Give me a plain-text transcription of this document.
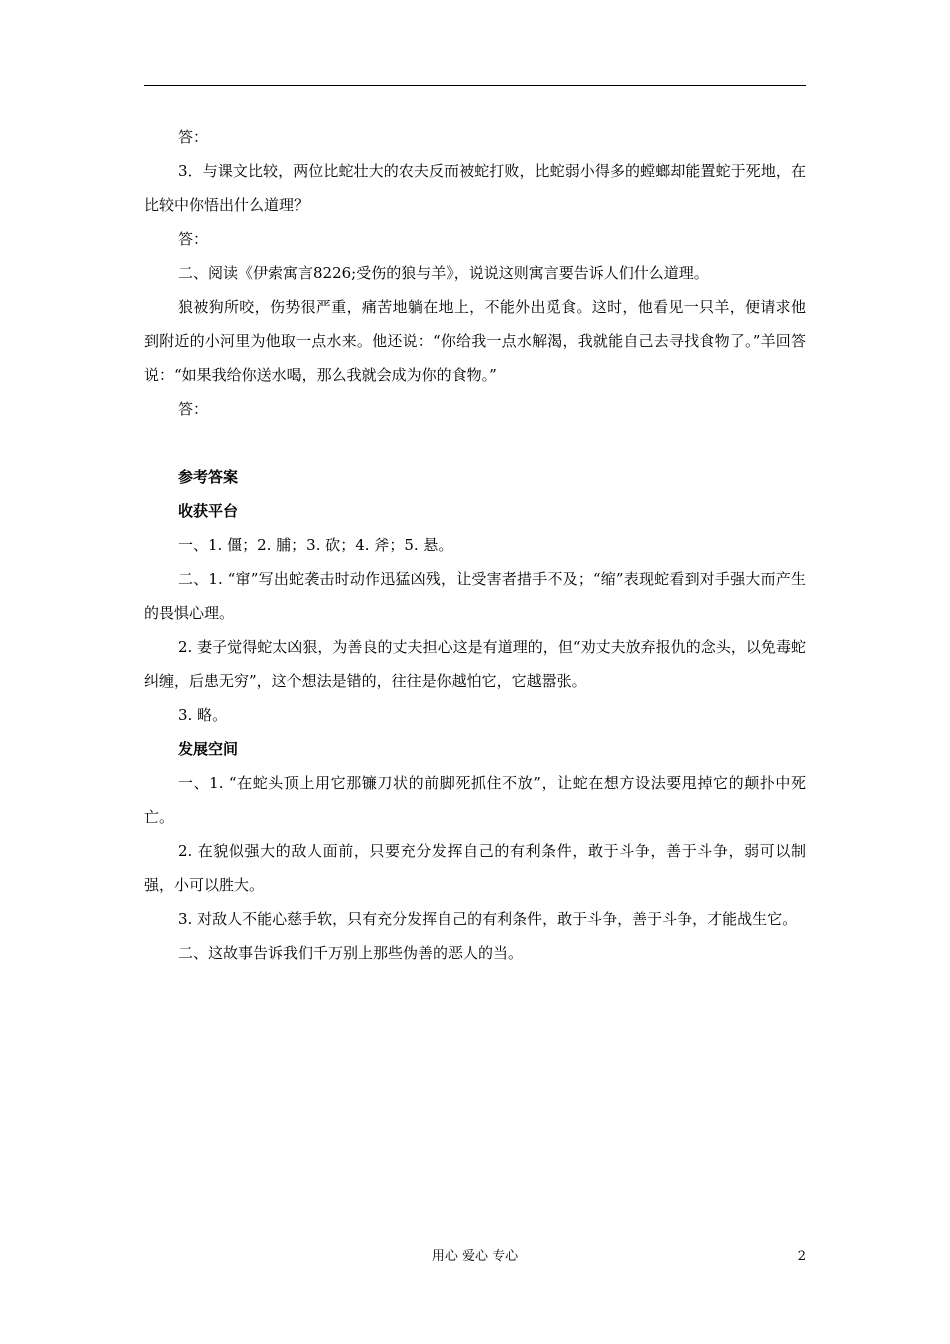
答：

3．与课文比较，两位比蛇壮大的农夫反而被蛇打败，比蛇弱小得多的螳螂却能置蛇于死地，在比较中你悟出什么道理？

答：

二、阅读《伊索寓言8226;受伤的狼与羊》，说说这则寓言要告诉人们什么道理。

狼被狗所咬，伤势很严重，痛苦地躺在地上，不能外出觅食。这时，他看见一只羊，便请求他到附近的小河里为他取一点水来。他还说：“你给我一点水解渴，我就能自己去寻找食物了。”羊回答说：“如果我给你送水喝，那么我就会成为你的食物。”

答：

参考答案

收获平台

一、1. 僵；2. 脯；3. 砍；4. 斧；5. 悬。

二、1. “窜”写出蛇袭击时动作迅猛凶残，让受害者措手不及；“缩”表现蛇看到对手强大而产生的畏惧心理。

2. 妻子觉得蛇太凶狠，为善良的丈夫担心这是有道理的，但“劝丈夫放弃报仇的念头，以免毒蛇纠缠，后患无穷”，这个想法是错的，往往是你越怕它，它越嚣张。

3. 略。

发展空间

一、1. “在蛇头顶上用它那镰刀状的前脚死抓住不放”，让蛇在想方设法要甩掉它的颠扑中死亡。

2. 在貌似强大的敌人面前，只要充分发挥自己的有利条件，敢于斗争，善于斗争，弱可以制强，小可以胜大。

3. 对敌人不能心慈手软，只有充分发挥自己的有利条件，敢于斗争，善于斗争，才能战生它。

二、这故事告诉我们千万别上那些伪善的恶人的当。

用心 爱心 专心	2
